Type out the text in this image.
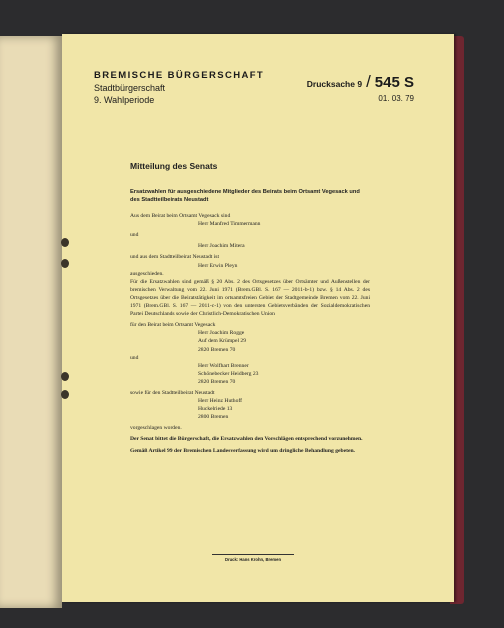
BREMISCHE BÜRGERSCHAFT
Stadtbürgerschaft
9. Wahlperiode
Drucksache 9 / 545 S
01. 03. 79
Mitteilung des Senats
Ersatzwahlen für ausgeschiedene Mitglieder des Beirats beim Ortsamt Vegesack und des Stadtteilbeirats Neustadt

Aus dem Beirat beim Ortsamt Vegesack sind

Herr Manfred Timmermann

und

Herr Joachim Mitera

und aus dem Stadtteilbeirat Neustadt ist

Herr Erwin Pleyn

ausgeschieden.

Für die Ersatzwahlen sind gemäß § 20 Abs. 2 des Ortsgesetzes über Ortsämter und Außenstellen der bremischen Verwaltung vom 22. Juni 1971 (Brem.GBl. S. 167 — 2011-b-1) bzw. § 14 Abs. 2 des Ortsgesetzes über die Beiratstätigkeit im ortsamtsfreien Gebiet der Stadtgemeinde Bremen vom 22. Juni 1971 (Brem.GBl. S. 167 — 2011-c-1) von den untersten Gebietsverbänden der Sozialdemokratischen Partei Deutschlands sowie der Christlich-Demokratischen Union

für den Beirat beim Ortsamt Vegesack

Herr Joachim Rogge

Auf dem Krümpel 29

2820 Bremen 70

und

Herr Wolfhart Brenner

Schönebecker Heidberg 23

2820 Bremen 70

sowie für den Stadtteilbeirat Neustadt

Herr Heinz Huthoff

Huckelriede 13

2800 Bremen

vorgeschlagen worden.

Der Senat bittet die Bürgerschaft, die Ersatzwahlen den Vorschlägen entsprechend vorzunehmen.

Gemäß Artikel 99 der Bremischen Landesverfassung wird um dringliche Behandlung gebeten.

Druck: Hans Krohn, Bremen
